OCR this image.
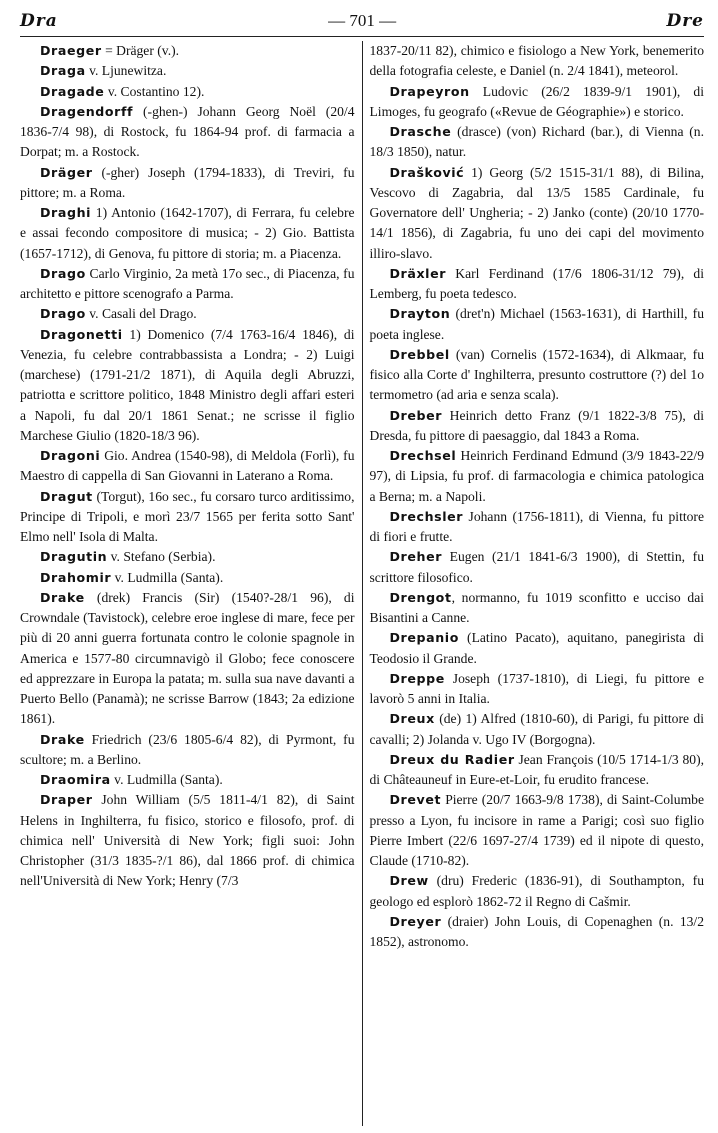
Dra	— 701 —	Dre

Draeger = Dräger (v.).

Draga v. Ljunewitza.

Dragade v. Costantino 12).

Dragendorff (-ghen-) Johann Georg Noël (20/4 1836-7/4 98), di Rostock, fu 1864-94 prof. di farmacia a Dorpat; m. a Rostock.

Dräger (-gher) Joseph (1794-1833), di Treviri, fu pittore; m. a Roma.

Draghi 1) Antonio (1642-1707), di Ferrara, fu celebre e assai fecondo compositore di musica; - 2) Gio. Battista (1657-1712), di Genova, fu pittore di storia; m. a Piacenza.

Drago Carlo Virginio, 2a metà 17o sec., di Piacenza, fu architetto e pittore scenografo a Parma.

Drago v. Casali del Drago.

Dragonetti 1) Domenico (7/4 1763-16/4 1846), di Venezia, fu celebre contrabbassista a Londra; - 2) Luigi (marchese) (1791-21/2 1871), di Aquila degli Abruzzi, patriotta e scrittore politico, 1848 Ministro degli affari esteri a Napoli, fu dal 20/1 1861 Senat.; ne scrisse il figlio Marchese Giulio (1820-18/3 96).

Dragoni Gio. Andrea (1540-98), di Meldola (Forlì), fu Maestro di cappella di San Giovanni in Laterano a Roma.

Dragut (Torgut), 16o sec., fu corsaro turco arditissimo, Principe di Tripoli, e morì 23/7 1565 per ferita sotto Sant' Elmo nell' Isola di Malta.

Dragutin v. Stefano (Serbia).

Drahomir v. Ludmilla (Santa).

Drake (drek) Francis (Sir) (1540?-28/1 96), di Crowndale (Tavistock), celebre eroe inglese di mare, fece per più di 20 anni guerra fortunata contro le colonie spagnole in America e 1577-80 circumnavigò il Globo; fece conoscere ed apprezzare in Europa la patata; m. sulla sua nave davanti a Puerto Bello (Panamà); ne scrisse Barrow (1843; 2a edizione 1861).

Drake Friedrich (23/6 1805-6/4 82), di Pyrmont, fu scultore; m. a Berlino.

Draomira v. Ludmilla (Santa).

Draper John William (5/5 1811-4/1 82), di Saint Helens in Inghilterra, fu fisico, storico e filosofo, prof. di chimica nell' Università di New York; figli suoi: John Christopher (31/3 1835-?/1 86), dal 1866 prof. di chimica nell'Università di New York; Henry (7/3

1837-20/11 82), chimico e fisiologo a New York, benemerito della fotografia celeste, e Daniel (n. 2/4 1841), meteorol.

Drapeyron Ludovic (26/2 1839-9/1 1901), di Limoges, fu geografo («Revue de Géographie») e storico.

Drasche (drasce) (von) Richard (bar.), di Vienna (n. 18/3 1850), natur.

Drašković 1) Georg (5/2 1515-31/1 88), di Bilina, Vescovo di Zagabria, dal 13/5 1585 Cardinale, fu Governatore dell' Ungheria; - 2) Janko (conte) (20/10 1770-14/1 1856), di Zagabria, fu uno dei capi del movimento illiro-slavo.

Dräxler Karl Ferdinand (17/6 1806-31/12 79), di Lemberg, fu poeta tedesco.

Drayton (dret'n) Michael (1563-1631), di Harthill, fu poeta inglese.

Drebbel (van) Cornelis (1572-1634), di Alkmaar, fu fisico alla Corte d' Inghilterra, presunto costruttore (?) del 1o termometro (ad aria e senza scala).

Dreber Heinrich detto Franz (9/1 1822-3/8 75), di Dresda, fu pittore di paesaggio, dal 1843 a Roma.

Drechsel Heinrich Ferdinand Edmund (3/9 1843-22/9 97), di Lipsia, fu prof. di farmacologia e chimica patologica a Berna; m. a Napoli.

Drechsler Johann (1756-1811), di Vienna, fu pittore di fiori e frutte.

Dreher Eugen (21/1 1841-6/3 1900), di Stettin, fu scrittore filosofico.

Drengot, normanno, fu 1019 sconfitto e ucciso dai Bisantini a Canne.

Drepanio (Latino Pacato), aquitano, panegirista di Teodosio il Grande.

Dreppe Joseph (1737-1810), di Liegi, fu pittore e lavorò 5 anni in Italia.

Dreux (de) 1) Alfred (1810-60), di Parigi, fu pittore di cavalli; 2) Jolanda v. Ugo IV (Borgogna).

Dreux du Radier Jean François (10/5 1714-1/3 80), di Châteauneuf in Eure-et-Loir, fu erudito francese.

Drevet Pierre (20/7 1663-9/8 1738), di Saint-Columbe presso a Lyon, fu incisore in rame a Parigi; così suo figlio Pierre Imbert (22/6 1697-27/4 1739) ed il nipote di questo, Claude (1710-82).

Drew (dru) Frederic (1836-91), di Southampton, fu geologo ed esplorò 1862-72 il Regno di Cašmir.

Dreyer (draier) John Louis, di Copenaghen (n. 13/2 1852), astronomo.
